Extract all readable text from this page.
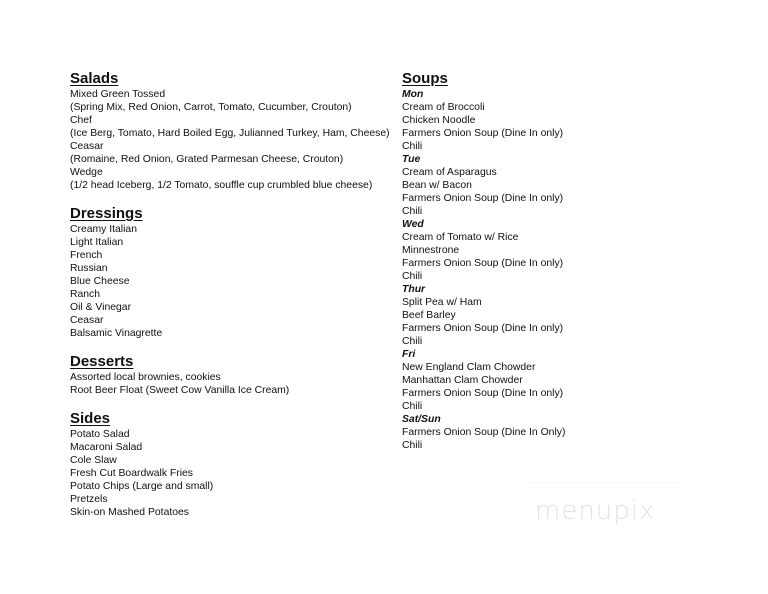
Salads
Mixed Green Tossed
(Spring Mix, Red Onion, Carrot, Tomato, Cucumber, Crouton)
Chef
(Ice Berg, Tomato, Hard Boiled Egg, Julianned Turkey, Ham, Cheese)
Ceasar
(Romaine, Red Onion, Grated Parmesan Cheese, Crouton)
Wedge
(1/2 head Iceberg, 1/2 Tomato, souffle cup crumbled blue cheese)
Dressings
Creamy Italian
Light Italian
French
Russian
Blue Cheese
Ranch
Oil & Vinegar
Ceasar
Balsamic Vinagrette
Desserts
Assorted local brownies, cookies
Root Beer Float (Sweet Cow Vanilla Ice Cream)
Sides
Potato Salad
Macaroni Salad
Cole Slaw
Fresh Cut Boardwalk Fries
Potato Chips (Large and small)
Pretzels
Skin-on Mashed Potatoes
Soups
Mon
Cream of Broccoli
Chicken Noodle
Farmers Onion Soup (Dine In only)
Chili
Tue
Cream of Asparagus
Bean w/ Bacon
Farmers Onion Soup (Dine In only)
Chili
Wed
Cream of Tomato w/ Rice
Minnestrone
Farmers Onion Soup (Dine In only)
Chili
Thur
Split Pea w/ Ham
Beef Barley
Farmers Onion Soup (Dine In only)
Chili
Fri
New England Clam Chowder
Manhattan Clam Chowder
Farmers Onion Soup (Dine In only)
Chili
Sat/Sun
Farmers Onion Soup (Dine In Only)
Chili
menupix
